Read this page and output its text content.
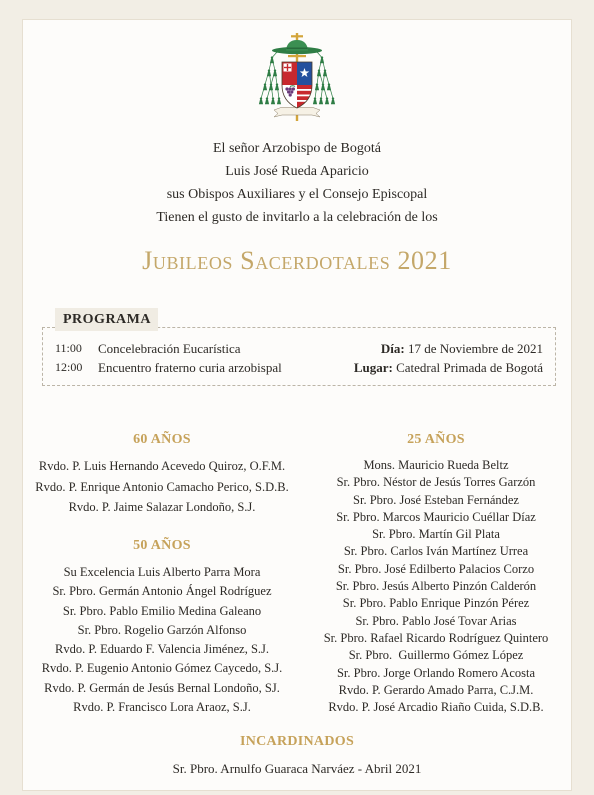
El señor Arzobispo de Bogotá
Luis José Rueda Aparicio
sus Obispos Auxiliares y el Consejo Episcopal
Tienen el gusto de invitarlo a la celebración de los
Jubileos Sacerdotales 2021
PROGRAMA
11:00 Concelebración Eucarística	Día: 17 de Noviembre de 2021
12:00 Encuentro fraterno curia arzobispal	Lugar: Catedral Primada de Bogotá
60 AÑOS
Rvdo. P. Luis Hernando Acevedo Quiroz, O.F.M.
Rvdo. P. Enrique Antonio Camacho Perico, S.D.B.
Rvdo. P. Jaime Salazar Londoño, S.J.
50 AÑOS
Su Excelencia Luis Alberto Parra Mora
Sr. Pbro. Germán Antonio Ángel Rodríguez
Sr. Pbro. Pablo Emilio Medina Galeano
Sr. Pbro. Rogelio Garzón Alfonso
Rvdo. P. Eduardo F. Valencia Jiménez, S.J.
Rvdo. P. Eugenio Antonio Gómez Caycedo, S.J.
Rvdo. P. Germán de Jesús Bernal Londoño, SJ.
Rvdo. P. Francisco Lora Araoz, S.J.
25 AÑOS
Mons. Mauricio Rueda Beltz
Sr. Pbro. Néstor de Jesús Torres Garzón
Sr. Pbro. José Esteban Fernández
Sr. Pbro. Marcos Mauricio Cuéllar Díaz
Sr. Pbro. Martín Gil Plata
Sr. Pbro. Carlos Iván Martínez Urrea
Sr. Pbro. José Edilberto Palacios Corzo
Sr. Pbro. Jesús Alberto Pinzón Calderón
Sr. Pbro. Pablo Enrique Pinzón Pérez
Sr. Pbro. Pablo José Tovar Arias
Sr. Pbro. Rafael Ricardo Rodríguez Quintero
Sr. Pbro.  Guillermo Gómez López
Sr. Pbro. Jorge Orlando Romero Acosta
Rvdo. P. Gerardo Amado Parra, C.J.M.
Rvdo. P. José Arcadio Riaño Cuida, S.D.B.
INCARDINADOS
Sr. Pbro. Arnulfo Guaraca Narváez - Abril 2021
